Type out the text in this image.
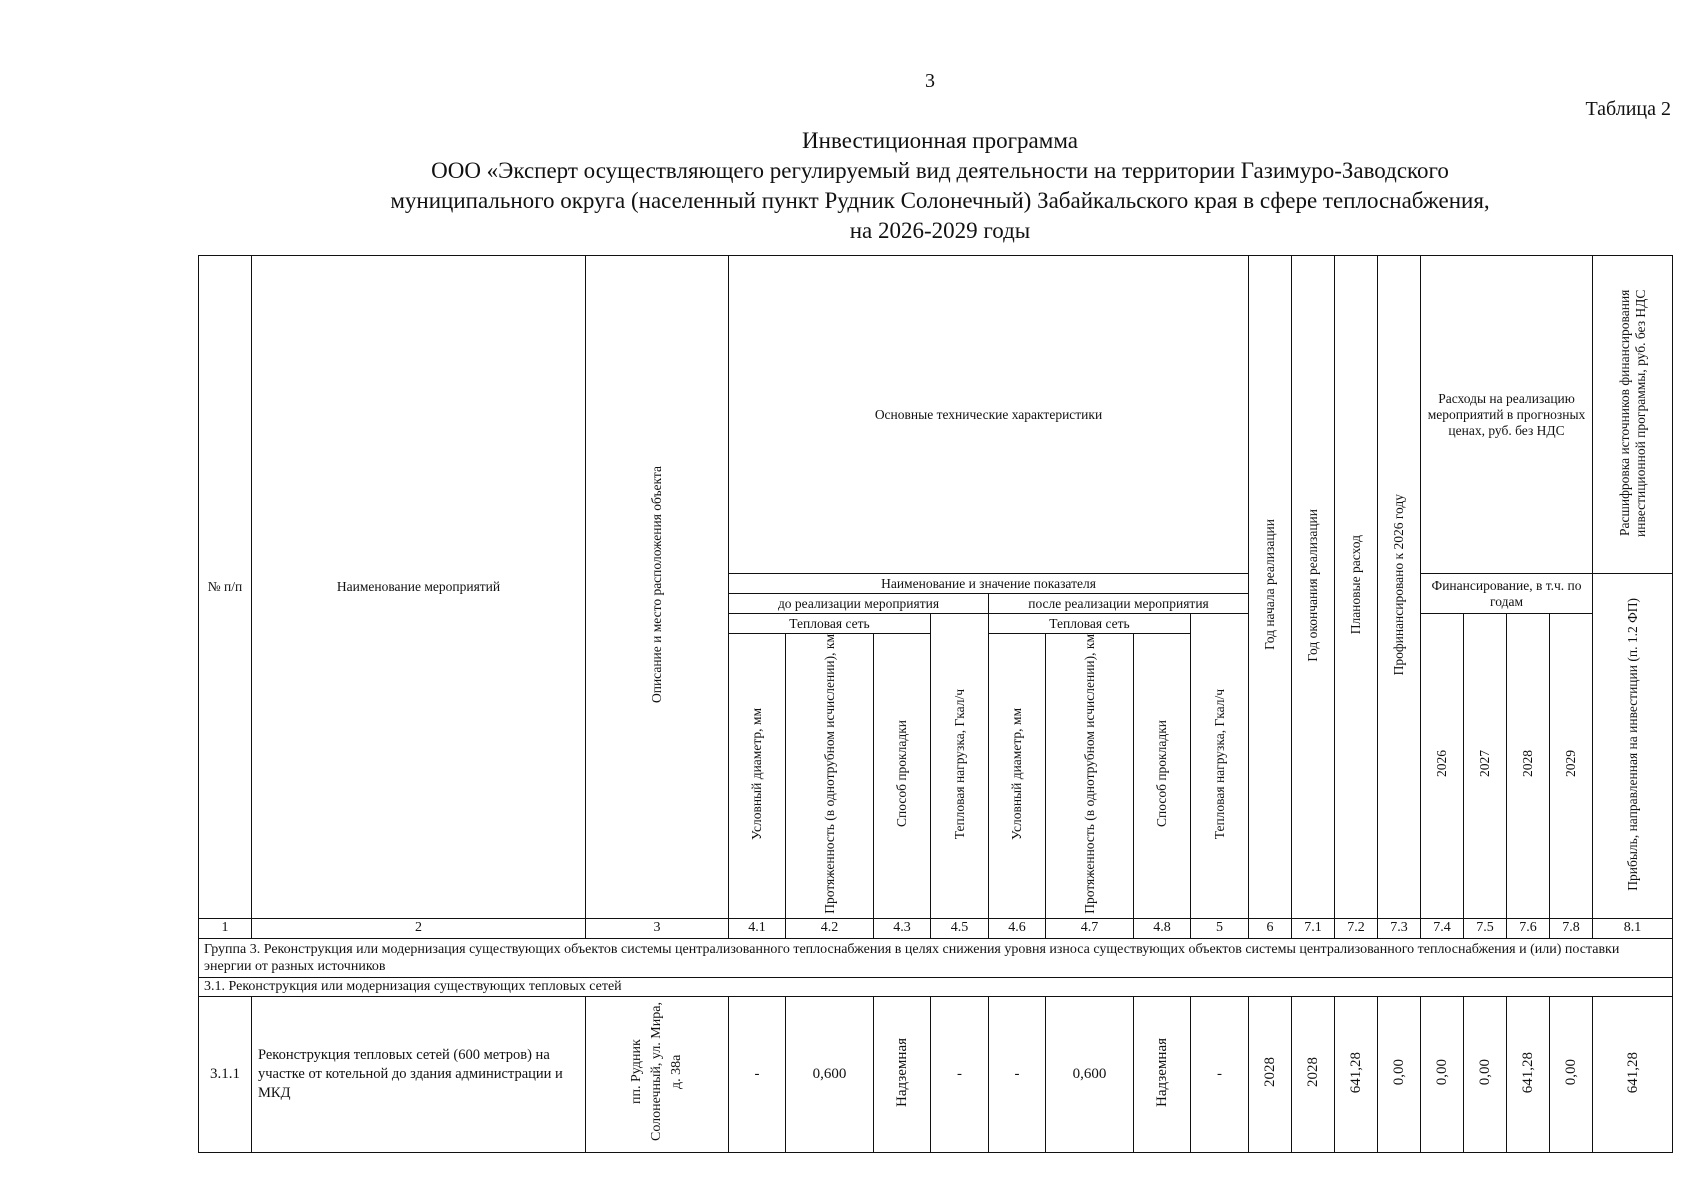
3
Таблица 2
Инвестиционная программа
ООО «Эксперт осуществляющего регулируемый вид деятельности на территории Газимуро-Заводского
муниципального округа (населенный пункт Рудник Солонечный) Забайкальского края в сфере теплоснабжения,
на 2026-2029 годы
№ п/п	Наименование мероприятий	Описание и место расположения объекта	Основные технические характеристики								Год начала реализации	Год окончания реализации	Плановые расход	Профинансировано к 2026 году	Расходы на реализацию мероприятий в прогнозных ценах, руб. без НДС				Расшифровка источников финансирования инвестиционной программы, руб. без НДС
			Наименование и значение показателя												Финансирование, в т.ч. по годам				Прибыль, направленная на инвестиции (п. 1.2 ФП)
			до реализации мероприятия				после реализации мероприятия												
			Тепловая сеть			Тепловая нагрузка, Гкал/ч	Тепловая сеть			Тепловая нагрузка, Гкал/ч					2026	2027	2028	2029	
			Условный диаметр, мм	Протяженность (в однотрубном исчислении), км	Способ прокладки		Условный диаметр, мм	Протяженность (в однотрубном исчислении), км	Способ прокладки										
1	2	3	4.1	4.2	4.3	4.5	4.6	4.7	4.8	5	6	7.1	7.2	7.3	7.4	7.5	7.6	7.8	8.1
Группа 3. Реконструкция или модернизация существующих объектов системы централизованного теплоснабжения в целях снижения уровня износа существующих объектов системы централизованного теплоснабжения и (или) поставки энергии от разных источников																			
3.1. Реконструкция или модернизация существующих тепловых сетей																			
3.1.1	Реконструкция тепловых сетей (600 метров) на участке от котельной до здания администрации и МКД	пп. Рудник Солонечный, ул. Мира, д. 38а	-	0,600	Надземная	-	-	0,600	Надземная	-	2028	2028	641,28	0,00	0,00	0,00	641,28	0,00	641,28
